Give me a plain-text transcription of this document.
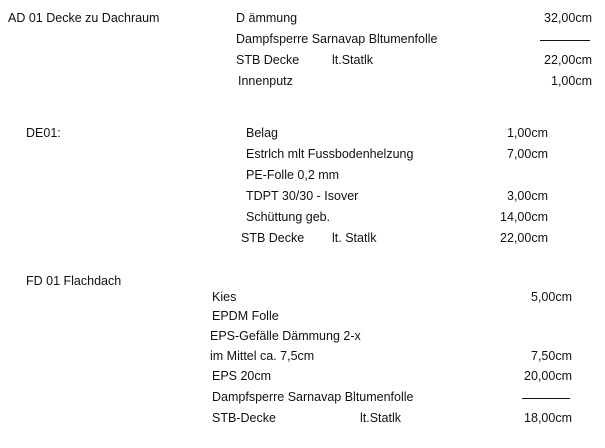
AD 01 Decke zu Dachraum	D ämmung	32,00cm
Dampfsperre Sarnavap Bltumenfolle
STB Decke	lt.Statlk	22,00cm
Innenputz	1,00cm
DE01:	Belag	1,00cm
Estrlch mlt Fussbodenhelzung	7,00cm
PE-Folle 0,2 mm
TDPT 30/30 - Isover	3,00cm
Schüttung geb.	14,00cm
STB Decke lt. Statlk	22,00cm
FD 01 Flachdach
Kies	5,00cm
EPDM Folle
EPS-Gefälle Dämmung 2-x
im Mittel ca. 7,5cm	7,50cm
EPS 20cm	20,00cm
Dampfsperre Sarnavap Bltumenfolle
STB-Decke	lt.Statlk	18,00cm
